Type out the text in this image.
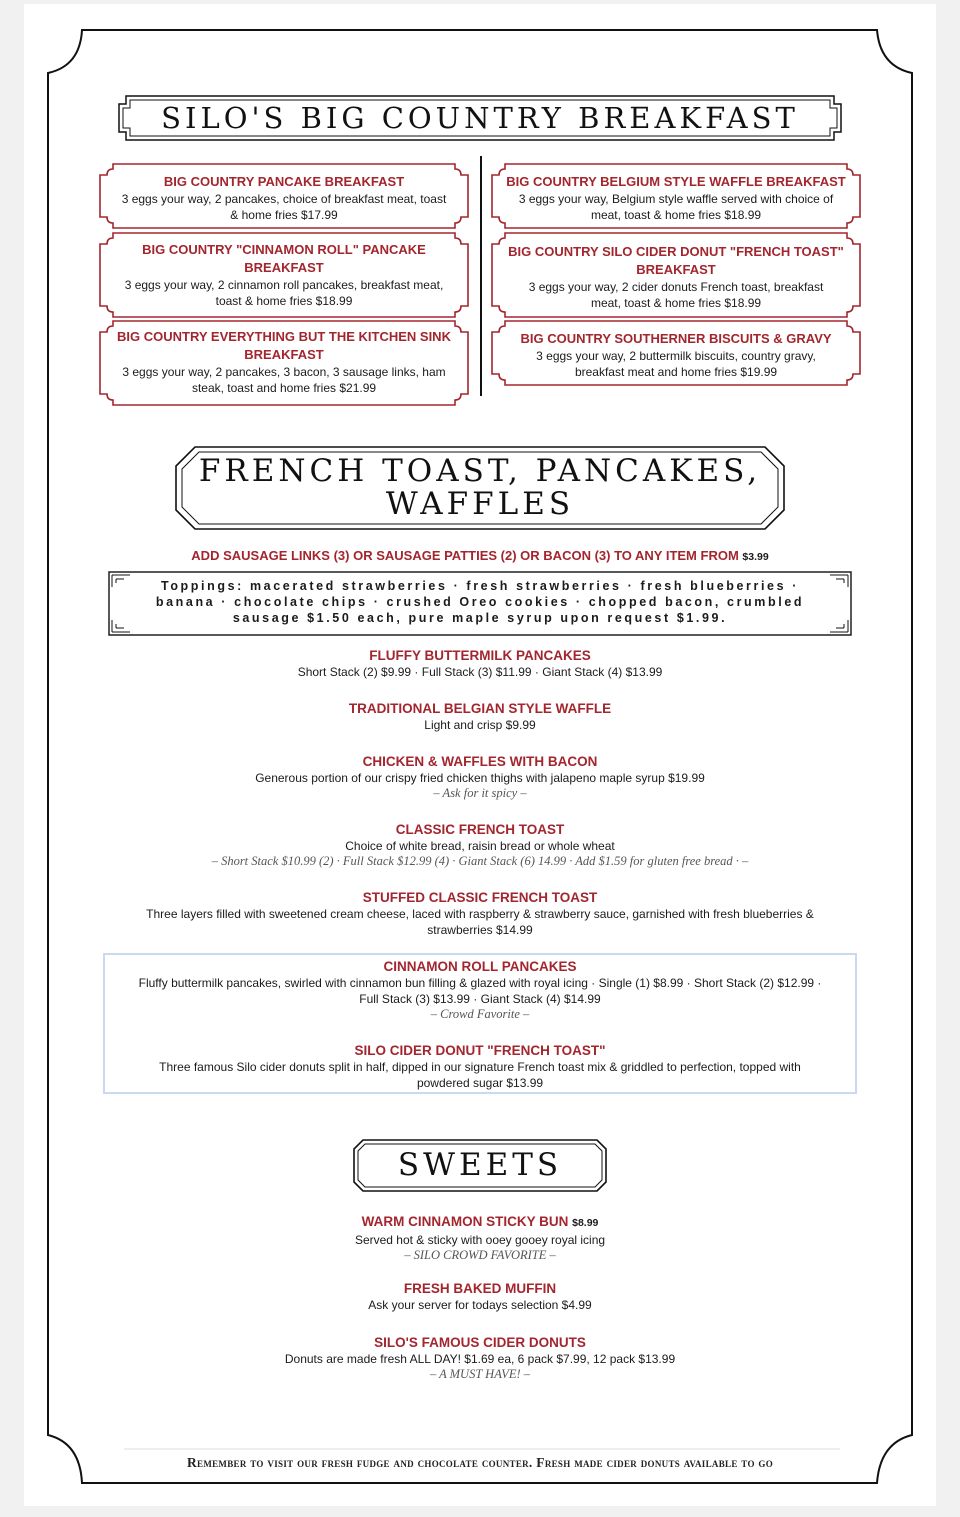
SILO'S BIG COUNTRY BREAKFAST
BIG COUNTRY PANCAKE BREAKFAST
3 eggs your way, 2 pancakes, choice of breakfast meat, toast
& home fries $17.99
BIG COUNTRY "CINNAMON ROLL" PANCAKE
BREAKFAST
3 eggs your way, 2 cinnamon roll pancakes, breakfast meat,
toast & home fries $18.99
BIG COUNTRY EVERYTHING BUT THE KITCHEN SINK
BREAKFAST
3 eggs your way, 2 pancakes, 3 bacon, 3 sausage links, ham
steak, toast and home fries $21.99
BIG COUNTRY BELGIUM STYLE WAFFLE BREAKFAST
3 eggs your way, Belgium style waffle served with choice of
meat, toast & home fries $18.99
BIG COUNTRY SILO CIDER DONUT "FRENCH TOAST"
BREAKFAST
3 eggs your way, 2 cider donuts French toast, breakfast
meat, toast & home fries $18.99
BIG COUNTRY SOUTHERNER BISCUITS & GRAVY
3 eggs your way, 2 buttermilk biscuits, country gravy,
breakfast meat and home fries $19.99
FRENCH TOAST, PANCAKES,
WAFFLES
ADD SAUSAGE LINKS (3) OR SAUSAGE PATTIES (2) OR BACON (3) TO ANY ITEM FROM $3.99
Toppings: macerated strawberries · fresh strawberries · fresh blueberries ·
banana · chocolate chips · crushed Oreo cookies · chopped bacon, crumbled
sausage $1.50 each, pure maple syrup upon request $1.99.
FLUFFY BUTTERMILK PANCAKES
Short Stack (2) $9.99 · Full Stack (3) $11.99 · Giant Stack (4) $13.99
TRADITIONAL BELGIAN STYLE WAFFLE
Light and crisp $9.99
CHICKEN & WAFFLES WITH BACON
Generous portion of our crispy fried chicken thighs with jalapeno maple syrup $19.99
– Ask for it spicy –
CLASSIC FRENCH TOAST
Choice of white bread, raisin bread or whole wheat
– Short Stack $10.99 (2) · Full Stack $12.99 (4) · Giant Stack (6) 14.99 · Add $1.59 for gluten free bread · –
STUFFED CLASSIC FRENCH TOAST
Three layers filled with sweetened cream cheese, laced with raspberry & strawberry sauce, garnished with fresh blueberries &
strawberries $14.99
CINNAMON ROLL PANCAKES
Fluffy buttermilk pancakes, swirled with cinnamon bun filling & glazed with royal icing · Single (1) $8.99 · Short Stack (2) $12.99 ·
Full Stack (3) $13.99 · Giant Stack (4) $14.99
– Crowd Favorite –
SILO CIDER DONUT "FRENCH TOAST"
Three famous Silo cider donuts split in half, dipped in our signature French toast mix & griddled to perfection, topped with
powdered sugar $13.99
SWEETS
WARM CINNAMON STICKY BUN $8.99
Served hot & sticky with ooey gooey royal icing
– SILO CROWD FAVORITE –
FRESH BAKED MUFFIN
Ask your server for todays selection $4.99
SILO'S FAMOUS CIDER DONUTS
Donuts are made fresh ALL DAY! $1.69 ea, 6 pack $7.99, 12 pack $13.99
– A MUST HAVE! –
Remember to visit our fresh fudge and chocolate counter. Fresh made cider donuts available to go
